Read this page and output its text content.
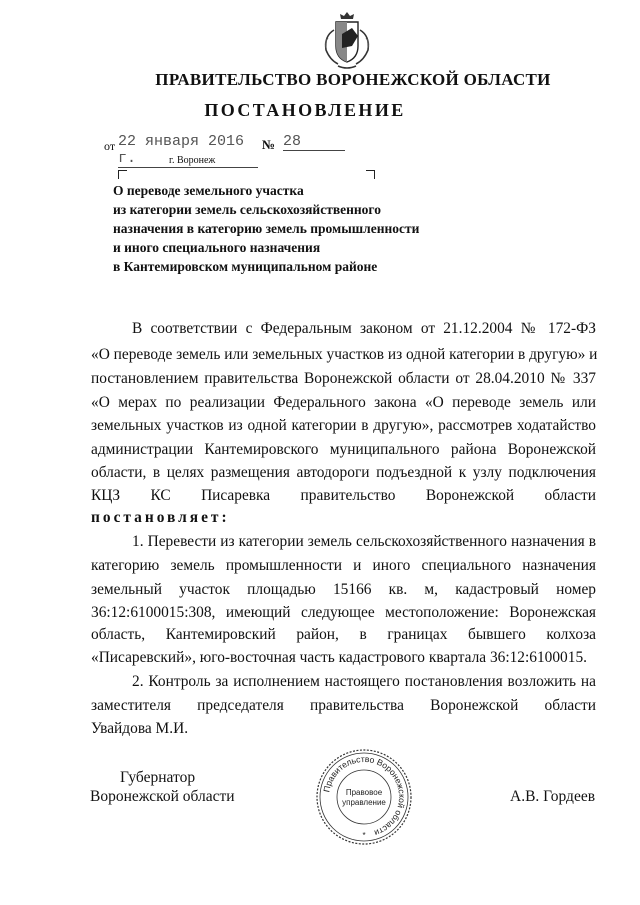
ПРАВИТЕЛЬСТВО ВОРОНЕЖСКОЙ ОБЛАСТИ
ПОСТАНОВЛЕНИЕ
от 22 января 2016 г.
№ 28
г. Воронеж
О переводе земельного участка
из категории земель сельскохозяйственного
назначения в категорию земель промышленности
и иного специального назначения
в Кантемировском муниципальном районе
В соответствии с Федеральным законом от 21.12.2004 № 172-ФЗ
«О переводе земель или земельных участков из одной категории в другую» и
постановлением правительства Воронежской области от 28.04.2010 № 337
«О мерах по реализации Федерального закона «О переводе земель или
земельных участков из одной категории в другую», рассмотрев ходатайство
администрации Кантемировского муниципального района Воронежской
области, в целях размещения автодороги подъездной к узлу подключения
КЦЗ КС Писаревка правительство Воронежской области
постановляет:
1. Перевести из категории земель сельскохозяйственного назначения в
категорию земель промышленности и иного специального назначения
земельный участок площадью 15166 кв. м, кадастровый номер
36:12:6100015:308, имеющий следующее местоположение: Воронежская
область, Кантемировский район, в границах бывшего колхоза
«Писаревский», юго-восточная часть кадастрового квартала 36:12:6100015.
2. Контроль за исполнением настоящего постановления возложить на
заместителя председателя правительства Воронежской области
Увайдова М.И.
Губернатор
Воронежской области	Правительство Воронежской области
Правовое
управление
*
А.В. Гордеев
